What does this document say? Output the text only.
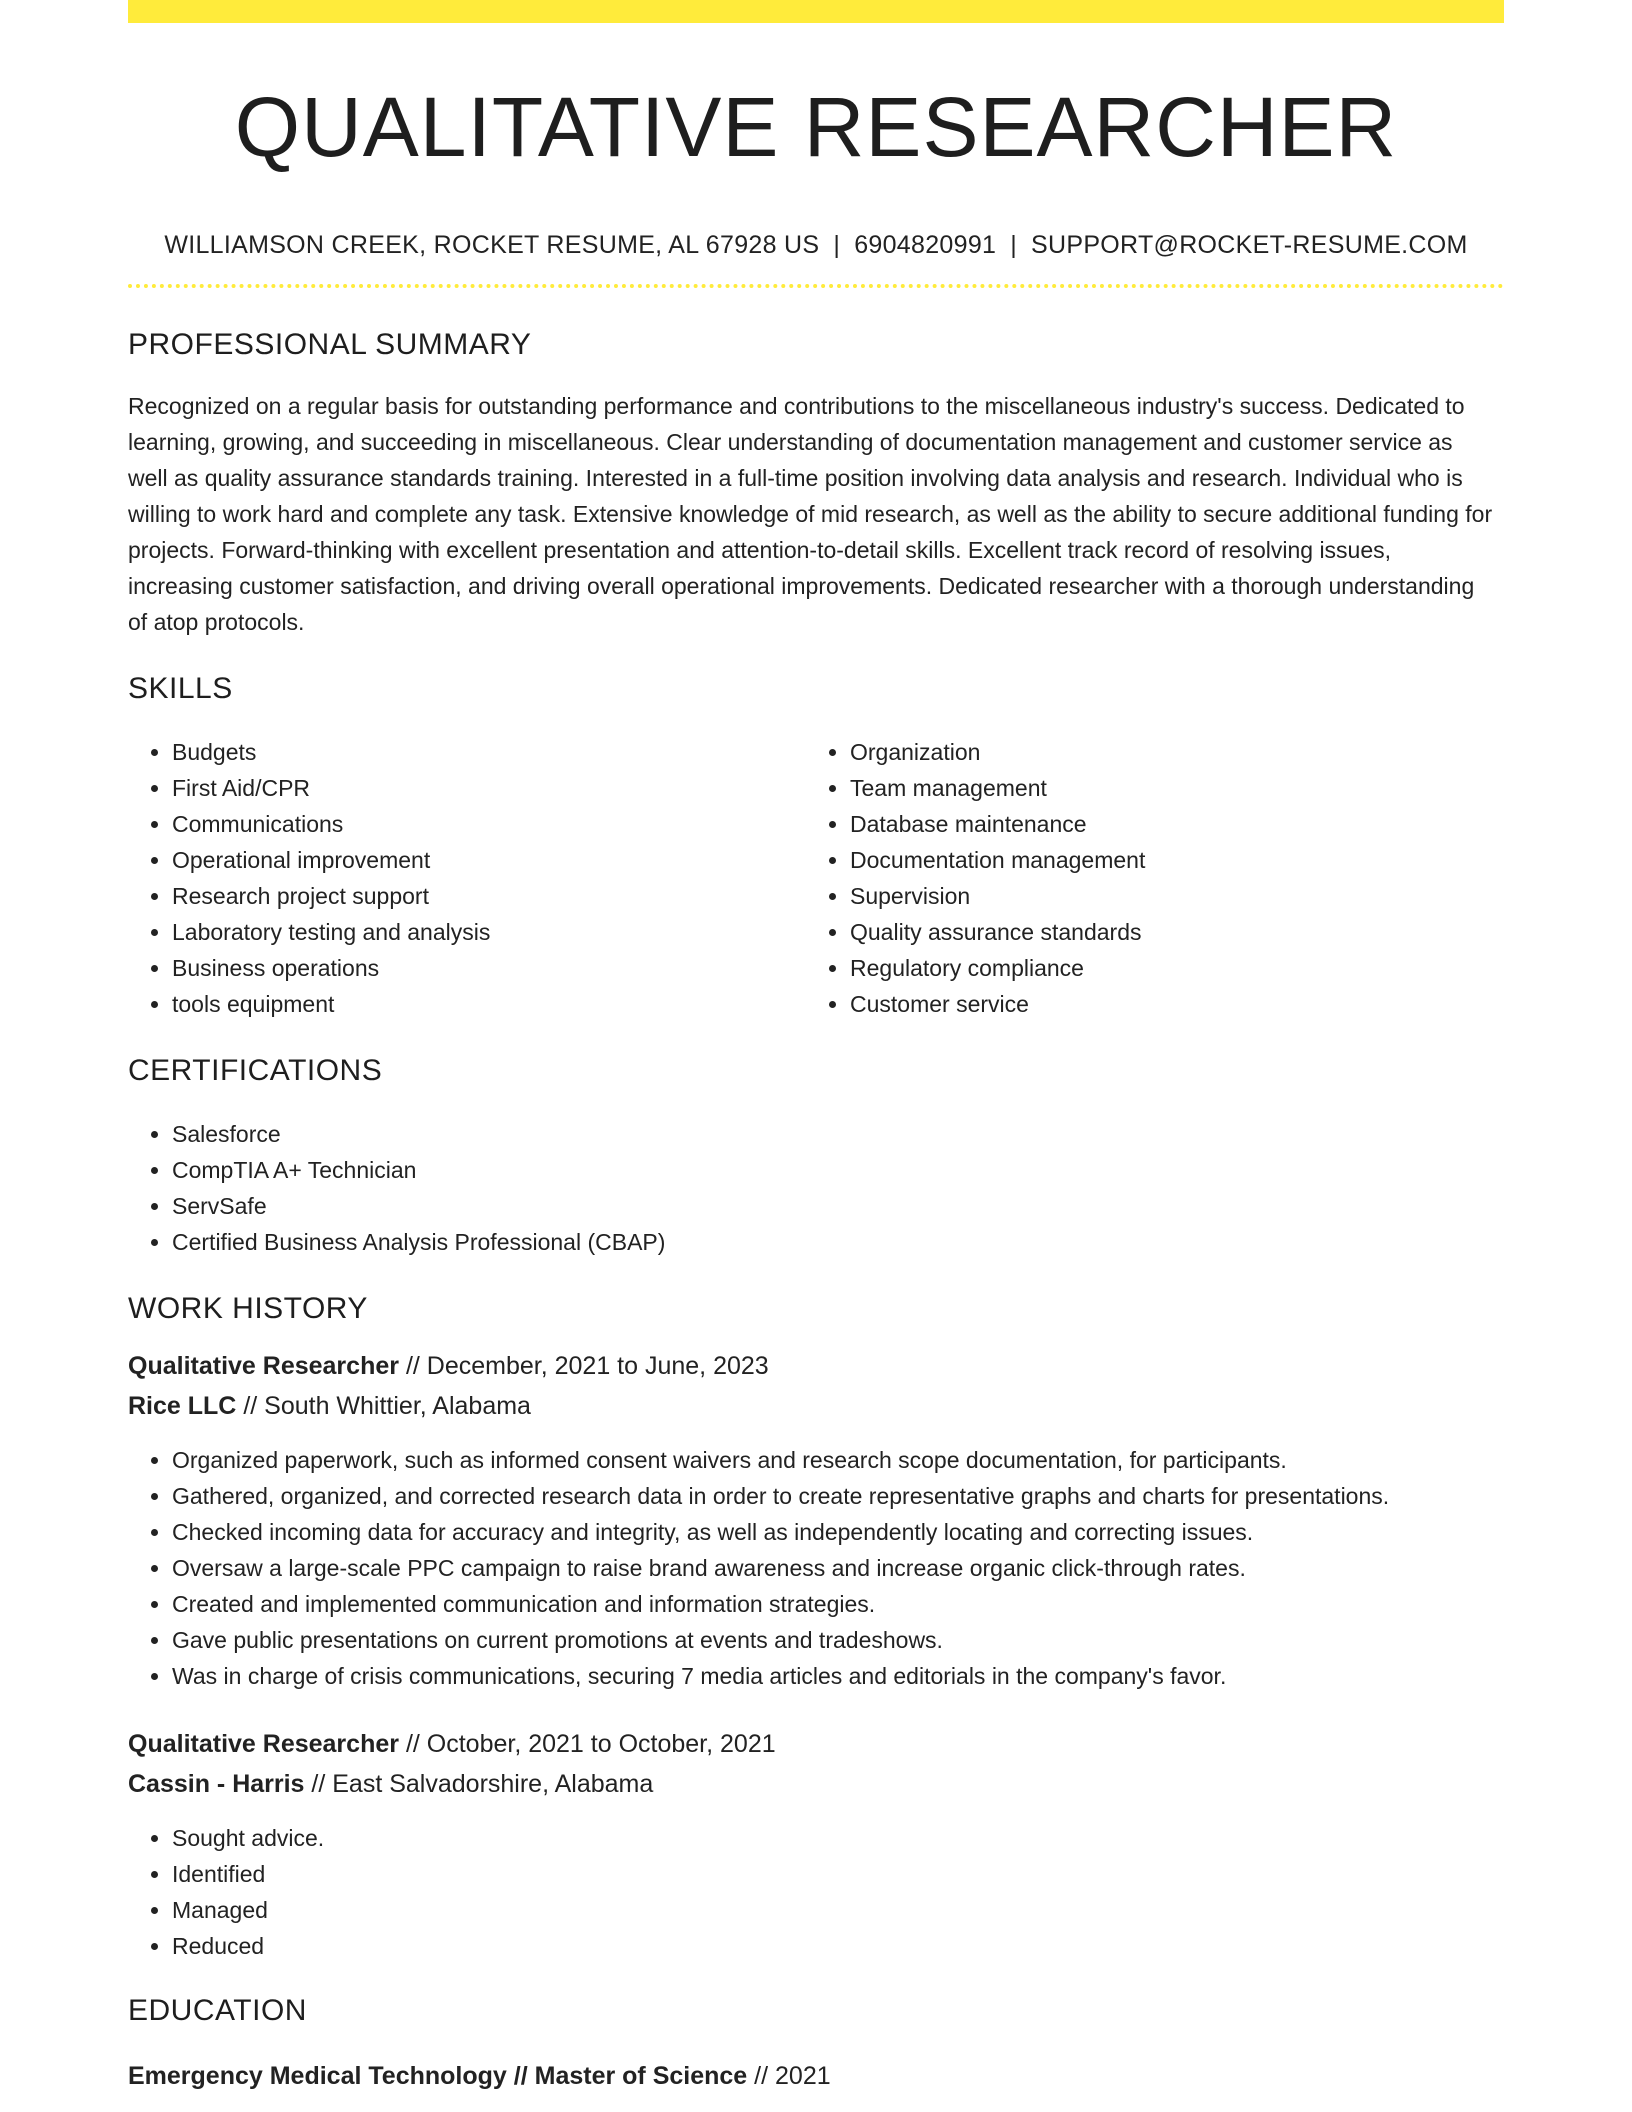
QUALITATIVE RESEARCHER
WILLIAMSON CREEK, ROCKET RESUME, AL 67928 US | 6904820991 | SUPPORT@ROCKET-RESUME.COM
PROFESSIONAL SUMMARY

Recognized on a regular basis for outstanding performance and contributions to the miscellaneous industry's success. Dedicated to learning, growing, and succeeding in miscellaneous. Clear understanding of documentation management and customer service as well as quality assurance standards training. Interested in a full-time position involving data analysis and research. Individual who is willing to work hard and complete any task. Extensive knowledge of mid research, as well as the ability to secure additional funding for projects. Forward-thinking with excellent presentation and attention-to-detail skills. Excellent track record of resolving issues, increasing customer satisfaction, and driving overall operational improvements. Dedicated researcher with a thorough understanding of atop protocols.

SKILLS
• Budgets
• First Aid/CPR
• Communications
• Operational improvement
• Research project support
• Laboratory testing and analysis
• Business operations
• tools equipment
• Organization
• Team management
• Database maintenance
• Documentation management
• Supervision
• Quality assurance standards
• Regulatory compliance
• Customer service
CERTIFICATIONS
• Salesforce
• CompTIA A+ Technician
• ServSafe
• Certified Business Analysis Professional (CBAP)
WORK HISTORY
Qualitative Researcher // December, 2021 to June, 2023
Rice LLC // South Whittier, Alabama
• Organized paperwork, such as informed consent waivers and research scope documentation, for participants.
• Gathered, organized, and corrected research data in order to create representative graphs and charts for presentations.
• Checked incoming data for accuracy and integrity, as well as independently locating and correcting issues.
• Oversaw a large-scale PPC campaign to raise brand awareness and increase organic click-through rates.
• Created and implemented communication and information strategies.
• Gave public presentations on current promotions at events and tradeshows.
• Was in charge of crisis communications, securing 7 media articles and editorials in the company's favor.
Qualitative Researcher // October, 2021 to October, 2021
Cassin - Harris // East Salvadorshire, Alabama
• Sought advice.
• Identified
• Managed
• Reduced
EDUCATION
Emergency Medical Technology // Master of Science // 2021
